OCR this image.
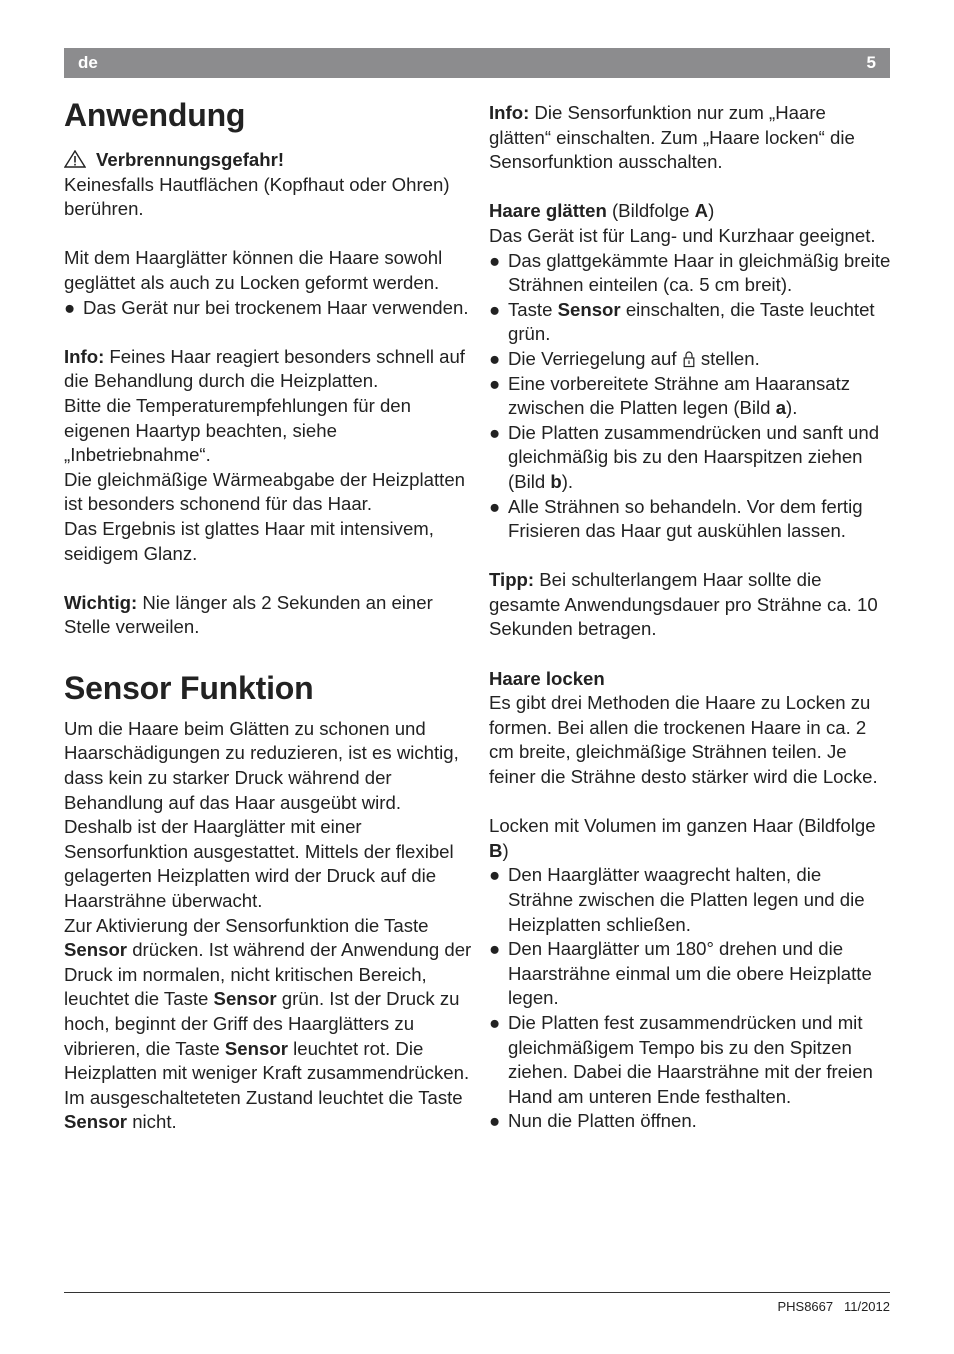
de	5
Anwendung

Verbrennungsgefahr!

Keinesfalls Hautflächen (Kopfhaut oder Ohren) berühren.

Mit dem Haarglätter können die Haare sowohl geglättet als auch zu Locken geformt werden.

● Das Gerät nur bei trockenem Haar verwenden.

Info: Feines Haar reagiert besonders schnell auf die Behandlung durch die Heizplatten.

Bitte die Temperaturempfehlungen für den eigenen Haartyp beachten, siehe „Inbetriebnahme“.

Die gleichmäßige Wärmeabgabe der Heizplatten ist besonders schonend für das Haar.

Das Ergebnis ist glattes Haar mit intensivem, seidigem Glanz.

Wichtig: Nie länger als 2 Sekunden an einer Stelle verweilen.

Sensor Funktion

Um die Haare beim Glätten zu schonen und Haarschädigungen zu reduzieren, ist es wichtig, dass kein zu starker Druck während der Behandlung auf das Haar ausgeübt wird. Deshalb ist der Haarglätter mit einer Sensorfunktion ausgestattet. Mittels der flexibel gelagerten Heizplatten wird der Druck auf die Haarsträhne überwacht.

Zur Aktivierung der Sensorfunktion die Taste Sensor drücken. Ist während der Anwendung der Druck im normalen, nicht kritischen Bereich, leuchtet die Taste Sensor grün. Ist der Druck zu hoch, beginnt der Griff des Haarglätters zu vibrieren, die Taste Sensor leuchtet rot. Die Heizplatten mit weniger Kraft zusammendrücken.

Im ausgeschalteteten Zustand leuchtet die Taste Sensor nicht.

Info: Die Sensorfunktion nur zum „Haare glätten“ einschalten. Zum „Haare locken“ die Sensorfunktion ausschalten.

Haare glätten (Bildfolge A)

Das Gerät ist für Lang- und Kurzhaar geeignet.

● Das glattgekämmte Haar in gleichmäßig breite Strähnen einteilen (ca. 5 cm breit).
● Taste Sensor einschalten, die Taste leuchtet grün.
● Die Verriegelung auf  stellen.
● Eine vorbereitete Strähne am Haaransatz zwischen die Platten legen (Bild a).
● Die Platten zusammendrücken und sanft und gleichmäßig bis zu den Haarspitzen ziehen (Bild b).
● Alle Strähnen so behandeln. Vor dem fertig Frisieren das Haar gut auskühlen lassen.

Tipp: Bei schulterlangem Haar sollte die gesamte Anwendungsdauer pro Strähne ca. 10 Sekunden betragen.

Haare locken

Es gibt drei Methoden die Haare zu Locken zu formen. Bei allen die trockenen Haare in ca. 2 cm breite, gleichmäßige Strähnen teilen. Je feiner die Strähne desto stärker wird die Locke.

Locken mit Volumen im ganzen Haar (Bildfolge B)

● Den Haarglätter waagrecht halten, die Strähne zwischen die Platten legen und die Heizplatten schließen.
● Den Haarglätter um 180° drehen und die Haarsträhne einmal um die obere Heizplatte legen.
● Die Platten fest zusammendrücken und mit gleichmäßigem Tempo bis zu den Spitzen ziehen. Dabei die Haarsträhne mit der freien Hand am unteren Ende festhalten.
● Nun die Platten öffnen.
PHS8667 11/2012
